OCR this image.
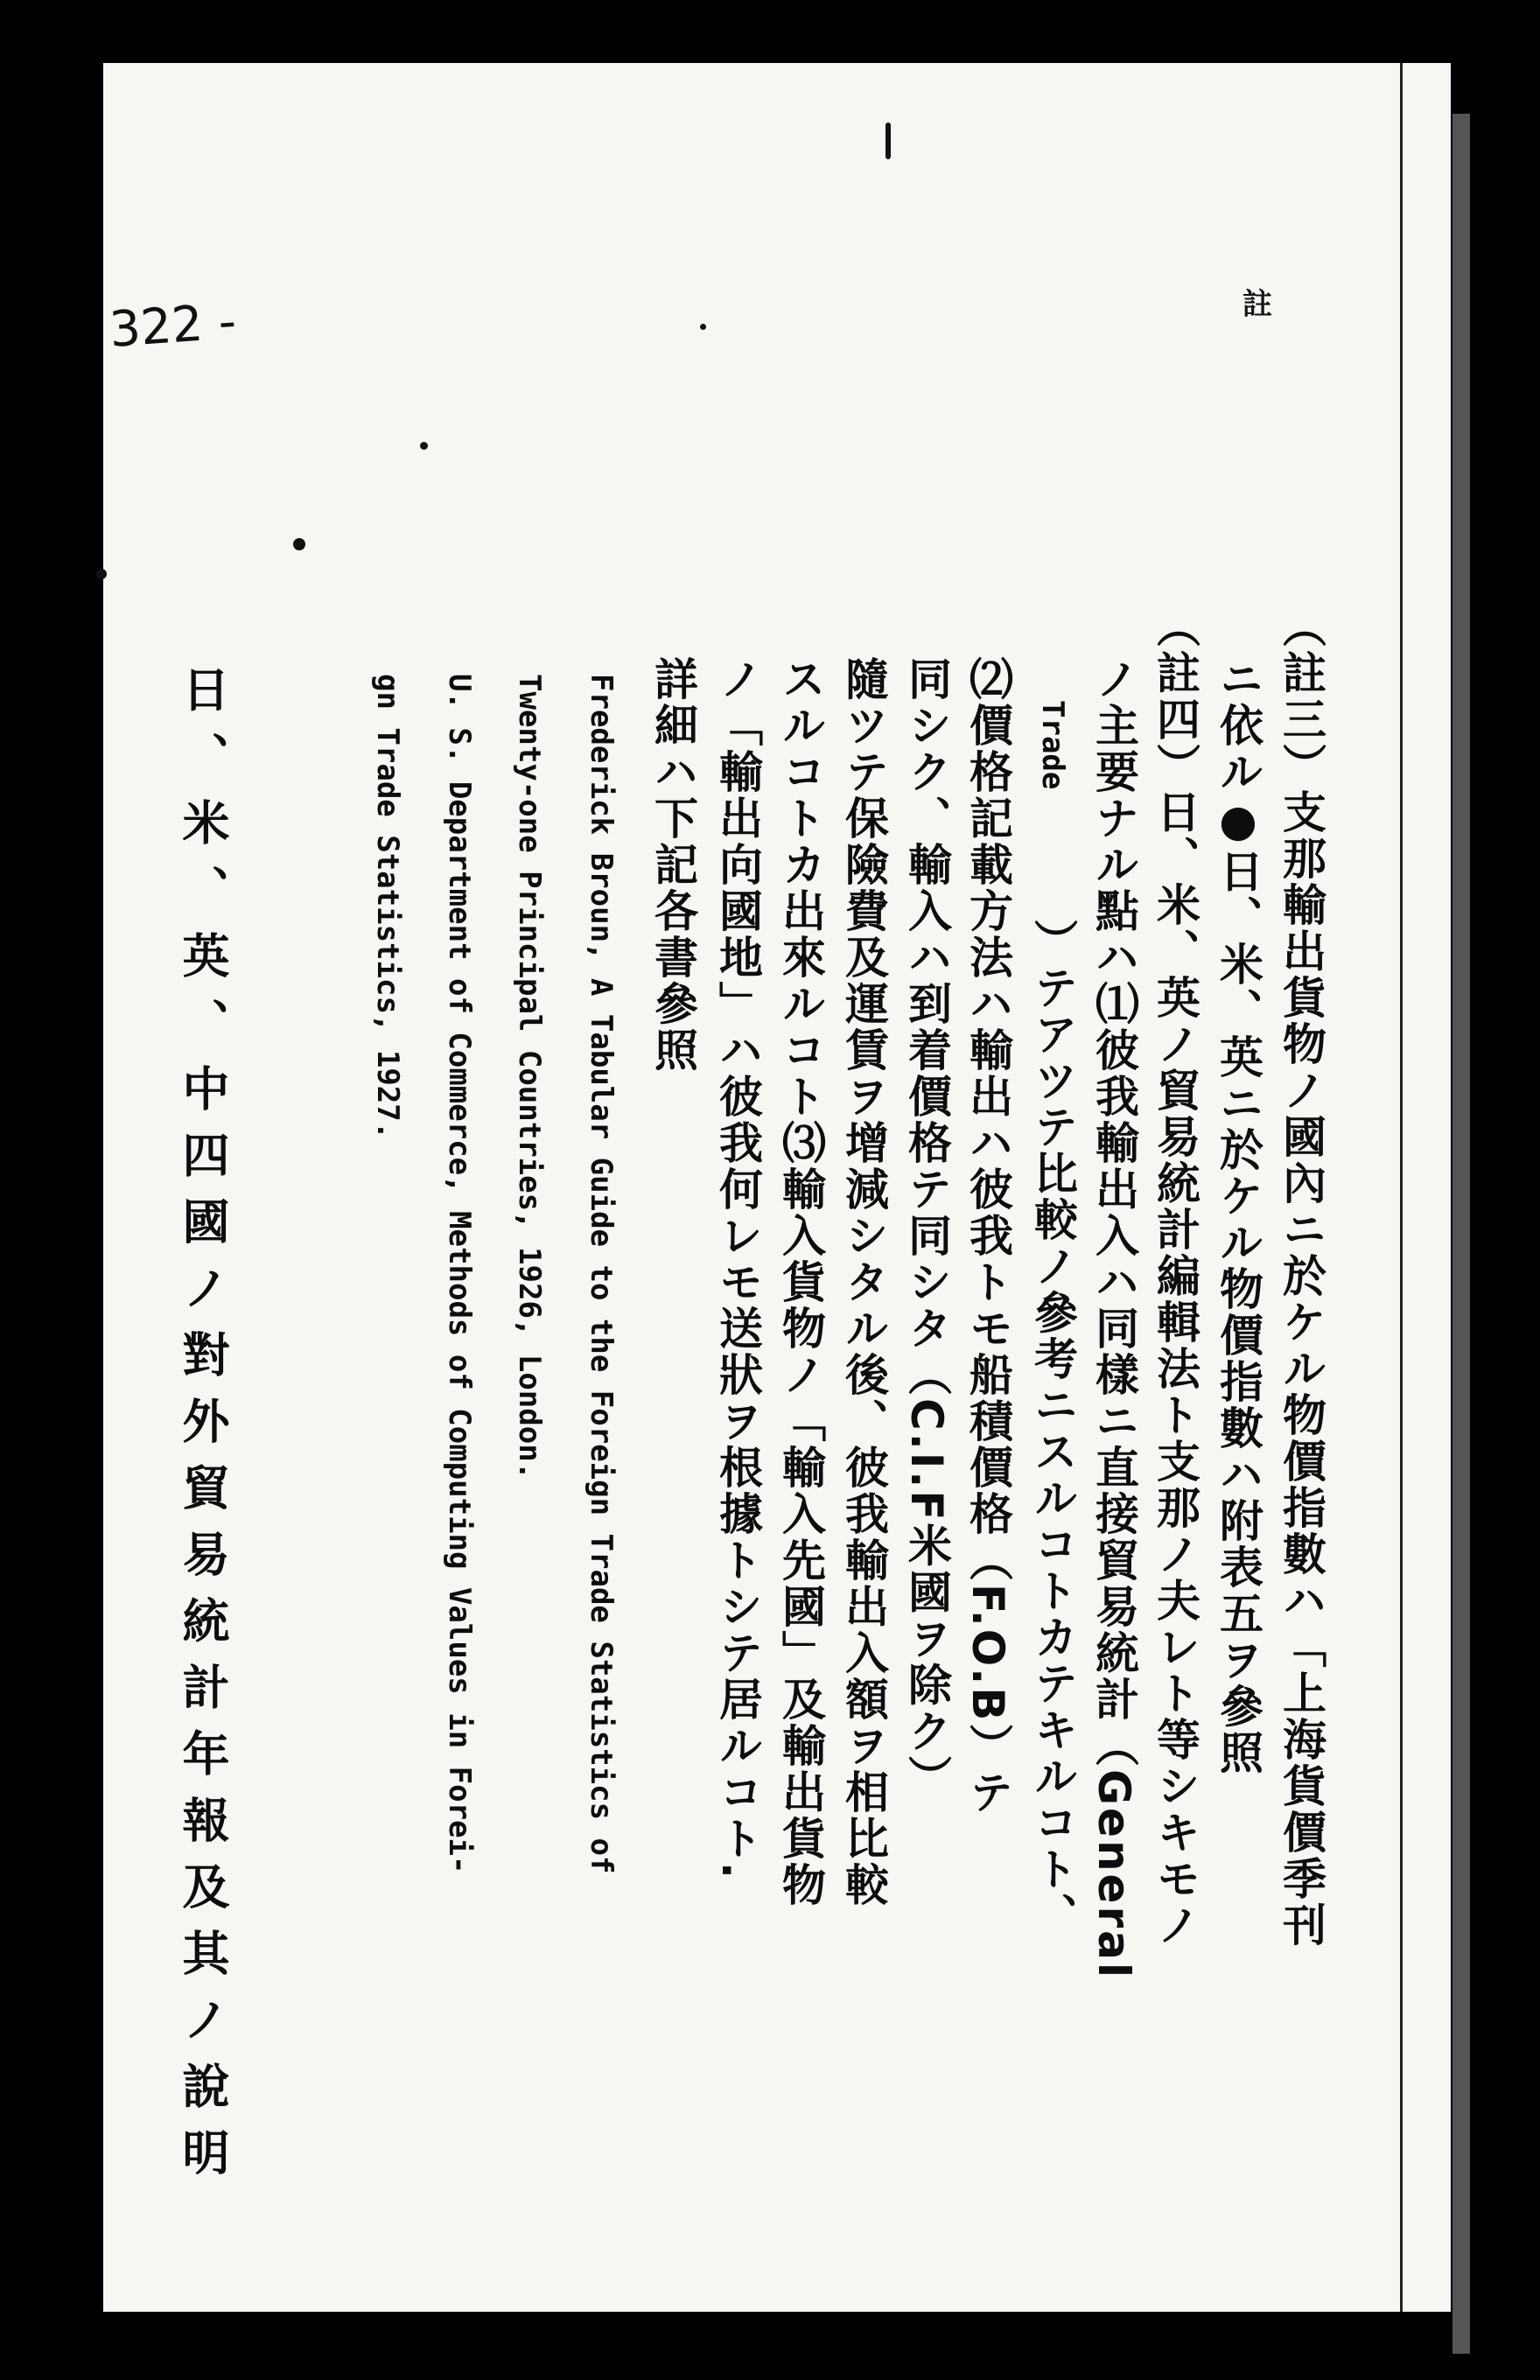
註
322 -
（註三）支那輸出貨物ノ國內ニ於ケル物價指數ハ「上海貨價季刊
ニ依ル●日、米、英ニ於ケル物價指數ハ附表五ヲ參照
（註四）日、米、英ノ貿易統計編輯法ト支那ノ夫レト等シキモノ
ノ主要ナル點ハ⑴彼我輸出入ハ同樣ニ直接貿易統計（General
Trade
）テアツテ比較ノ參考ニスルコトカテキルコト、
⑵價格記載方法ハ輸出ハ彼我トモ船積價格（F.O.B）テ
同シク、輸入ハ到着價格テ同シタ（C.I.F米國ヲ除ク）
隨ツテ保險費及運賃ヲ增減シタル後、彼我輸出入額ヲ相比較
スルコトカ出來ルコト⑶輸入貨物ノ「輸入先國」及輸出貨物
ノ「輸出向國地」ハ彼我何レモ送狀ヲ根據トシテ居ルコト.
詳細ハ下記各書參照
Frederick Broun, A Tabular Guide to the Foreign Trade Statistics of
Twenty-one Principal Countries, 1926, London.
U. S. Department of Commerce, Methods of Computing Values in Forei-
gn Trade Statistics, 1927.
日、米、英、中四國ノ對外貿易統計年報及其ノ說明
